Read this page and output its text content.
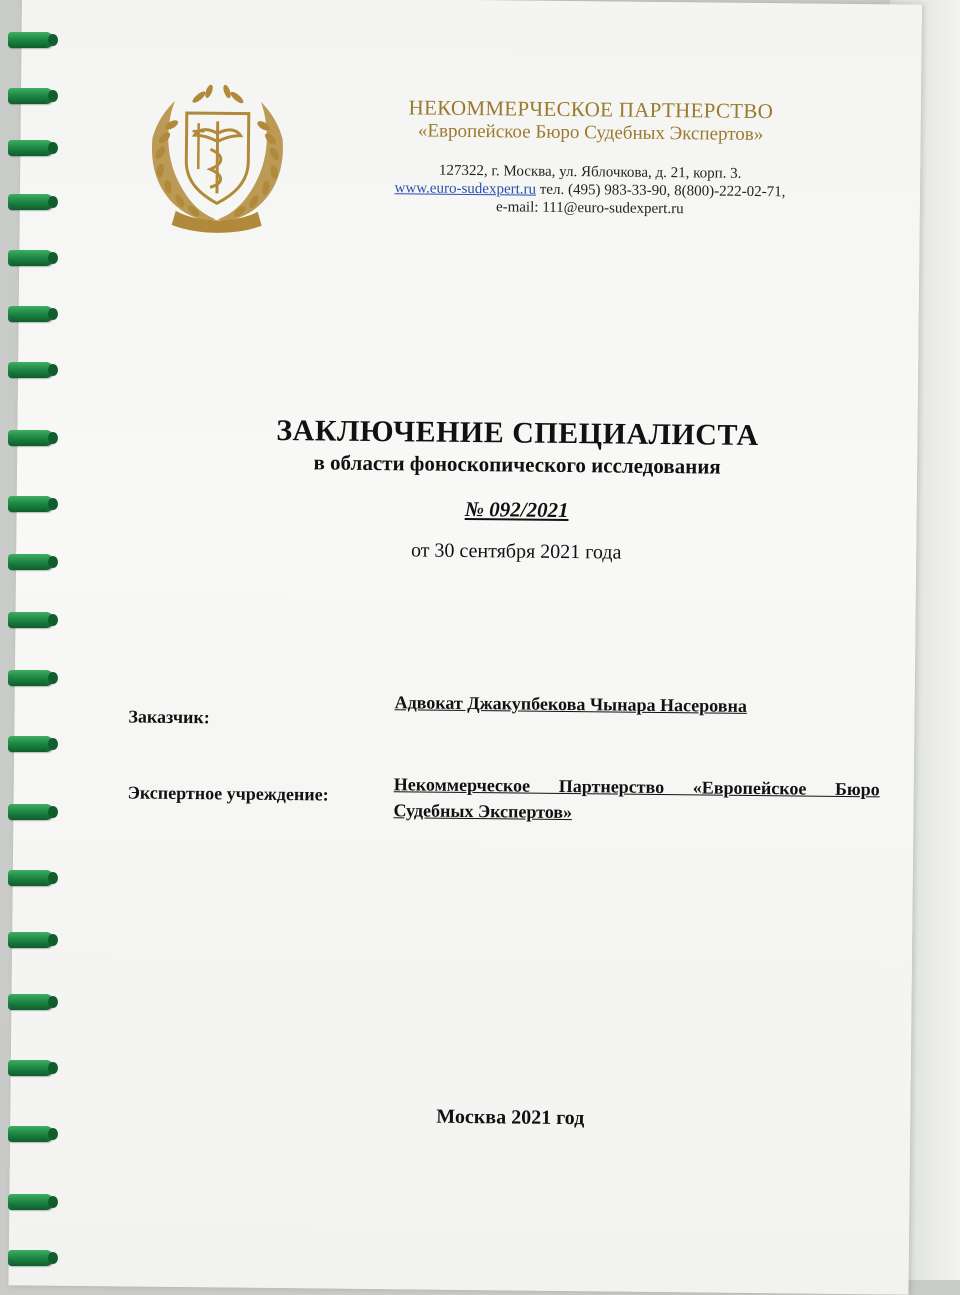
НЕКОММЕРЧЕСКОЕ ПАРТНЕРСТВО
«Европейское Бюро Судебных Экспертов»
127322, г. Москва, ул. Яблочкова, д. 21, корп. 3.
www.euro-sudexpert.ru тел. (495) 983-33-90, 8(800)-222-02-71,
e-mail: 111@euro-sudexpert.ru
ЗАКЛЮЧЕНИЕ СПЕЦИАЛИСТА
в области фоноскопического исследования
№ 092/2021
от 30 сентября 2021 года
Заказчик:
Адвокат Джакупбекова Чынара Насеровна
Экспертное учреждение:	Некоммерческое Партнерство «Европейское Бюро Судебных Экспертов»
Москва 2021 год
